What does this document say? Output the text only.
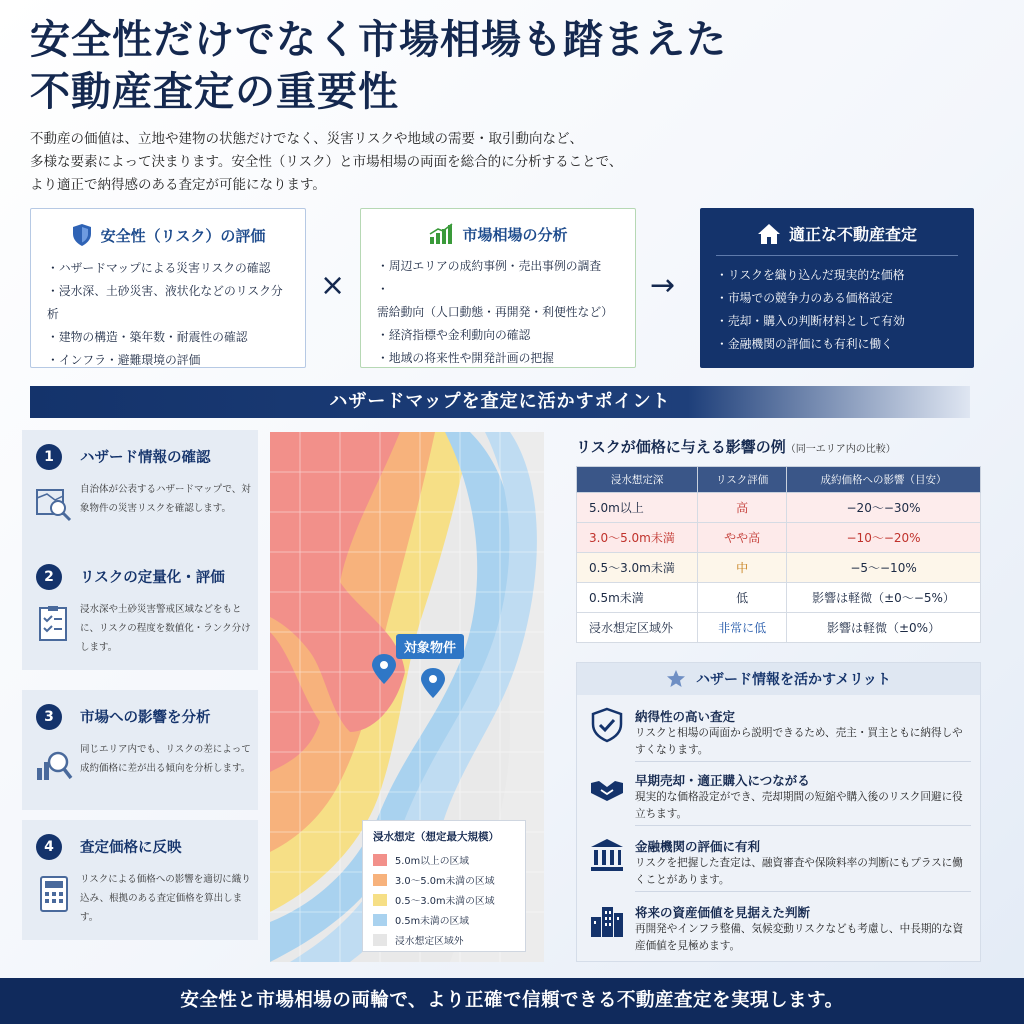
安全性だけでなく市場相場も踏まえた
不動産査定の重要性
不動産の価値は、立地や建物の状態だけでなく、災害リスクや地域の需要・取引動向など、
多様な要素によって決まります。安全性（リスク）と市場相場の両面を総合的に分析することで、
より適正で納得感のある査定が可能になります。
安全性（リスク）の評価
・ ハザードマップによる災害リスクの確認
・ 浸水深、土砂災害、液状化などのリスク分析
・ 建物の構造・築年数・耐震性の確認
・ インフラ・避難環境の評価
×
市場相場の分析
・ 周辺エリアの成約事例・売出事例の調査
・ 需給動向（人口動態・再開発・利便性など）
・ 経済指標や金利動向の確認
・ 地域の将来性や開発計画の把握
→
適正な不動産査定
・ リスクを織り込んだ現実的な価格
・ 市場での競争力のある価格設定
・ 売却・購入の判断材料として有効
・ 金融機関の評価にも有利に働く
ハザードマップを査定に活かすポイント
1	ハザード情報の確認

自治体が公表するハザードマップで、対象物件の災害リスクを確認します。

2	リスクの定量化・評価

浸水深や土砂災害警戒区域などをもとに、リスクの程度を数値化・ランク分けします。

3	市場への影響を分析

同じエリア内でも、リスクの差によって成約価格に差が出る傾向を分析します。

4	査定価格に反映

リスクによる価格への影響を適切に織り込み、根拠のある査定価格を算出します。

対象物件
浸水想定（想定最大規模）
5.0m以上の区域
3.0〜5.0m未満の区域
0.5〜3.0m未満の区域
0.5m未満の区域
浸水想定区域外
リスクが価格に与える影響の例（同一エリア内の比較）
浸水想定深	リスク評価	成約価格への影響（目安）
5.0m以上	高	−20〜−30%
3.0〜5.0m未満	やや高	−10〜−20%
0.5〜3.0m未満	中	−5〜−10%
0.5m未満	低	影響は軽微（±0〜−5%）
浸水想定区域外	非常に低	影響は軽微（±0%）
ハザード情報を活かすメリット
納得性の高い査定

リスクと相場の両面から説明できるため、売主・買主ともに納得しやすくなります。

早期売却・適正購入につながる

現実的な価格設定ができ、売却期間の短縮や購入後のリスク回避に役立ちます。

金融機関の評価に有利

リスクを把握した査定は、融資審査や保険料率の判断にもプラスに働くことがあります。

将来の資産価値を見据えた判断

再開発やインフラ整備、気候変動リスクなども考慮し、中長期的な資産価値を見極めます。

安全性と市場相場の両輪で、より正確で信頼できる不動産査定を実現します。
